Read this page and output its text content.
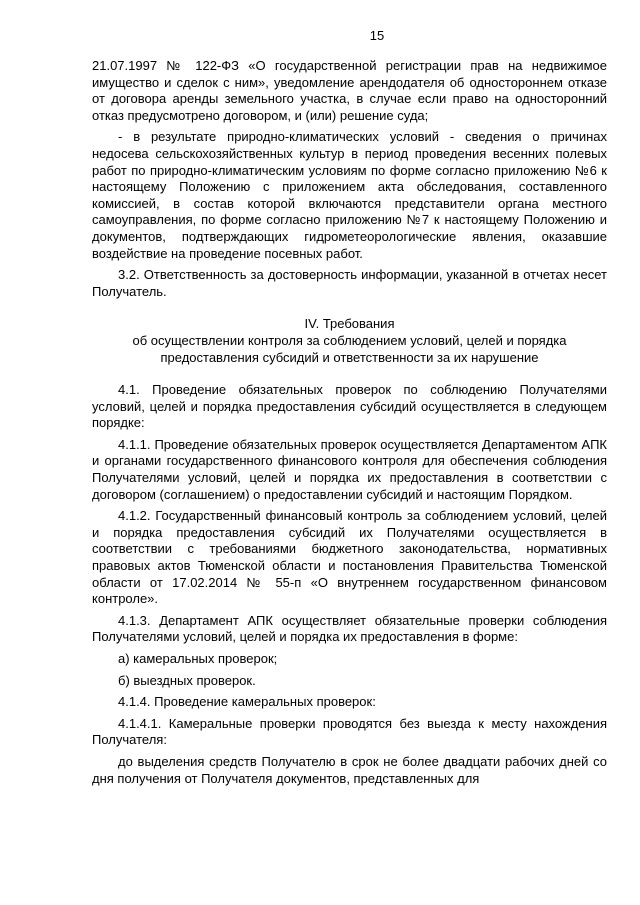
15

21.07.1997 № 122-ФЗ «О государственной регистрации прав на недвижимое имущество и сделок с ним», уведомление арендодателя об одностороннем отказе от договора аренды земельного участка, в случае если право на односторонний отказ предусмотрено договором, и (или) решение суда;

- в результате природно-климатических условий - сведения о причинах недосева сельскохозяйственных культур в период проведения весенних полевых работ по природно-климатическим условиям по форме согласно приложению №6 к настоящему Положению с приложением акта обследования, составленного комиссией, в состав которой включаются представители органа местного самоуправления, по форме согласно приложению №7 к настоящему Положению и документов, подтверждающих гидрометеорологические явления, оказавшие воздействие на проведение посевных работ.

3.2. Ответственность за достоверность информации, указанной в отчетах несет Получатель.

IV. Требования
об осуществлении контроля за соблюдением условий, целей и порядка предоставления субсидий и ответственности за их нарушение

4.1. Проведение обязательных проверок по соблюдению Получателями условий, целей и порядка предоставления субсидий осуществляется в следующем порядке:

4.1.1. Проведение обязательных проверок осуществляется Департаментом АПК и органами государственного финансового контроля для обеспечения соблюдения Получателями условий, целей и порядка их предоставления в соответствии с договором (соглашением) о предоставлении субсидий и настоящим Порядком.

4.1.2. Государственный финансовый контроль за соблюдением условий, целей и порядка предоставления субсидий их Получателями осуществляется в соответствии с требованиями бюджетного законодательства, нормативных правовых актов Тюменской области и постановления Правительства Тюменской области от 17.02.2014 № 55-п «О внутреннем государственном финансовом контроле».

4.1.3. Департамент АПК осуществляет обязательные проверки соблюдения Получателями условий, целей и порядка их предоставления в форме:

а) камеральных проверок;

б) выездных проверок.

4.1.4. Проведение камеральных проверок:

4.1.4.1. Камеральные проверки проводятся без выезда к месту нахождения Получателя:

до выделения средств Получателю в срок не более двадцати рабочих дней со дня получения от Получателя документов, представленных для
